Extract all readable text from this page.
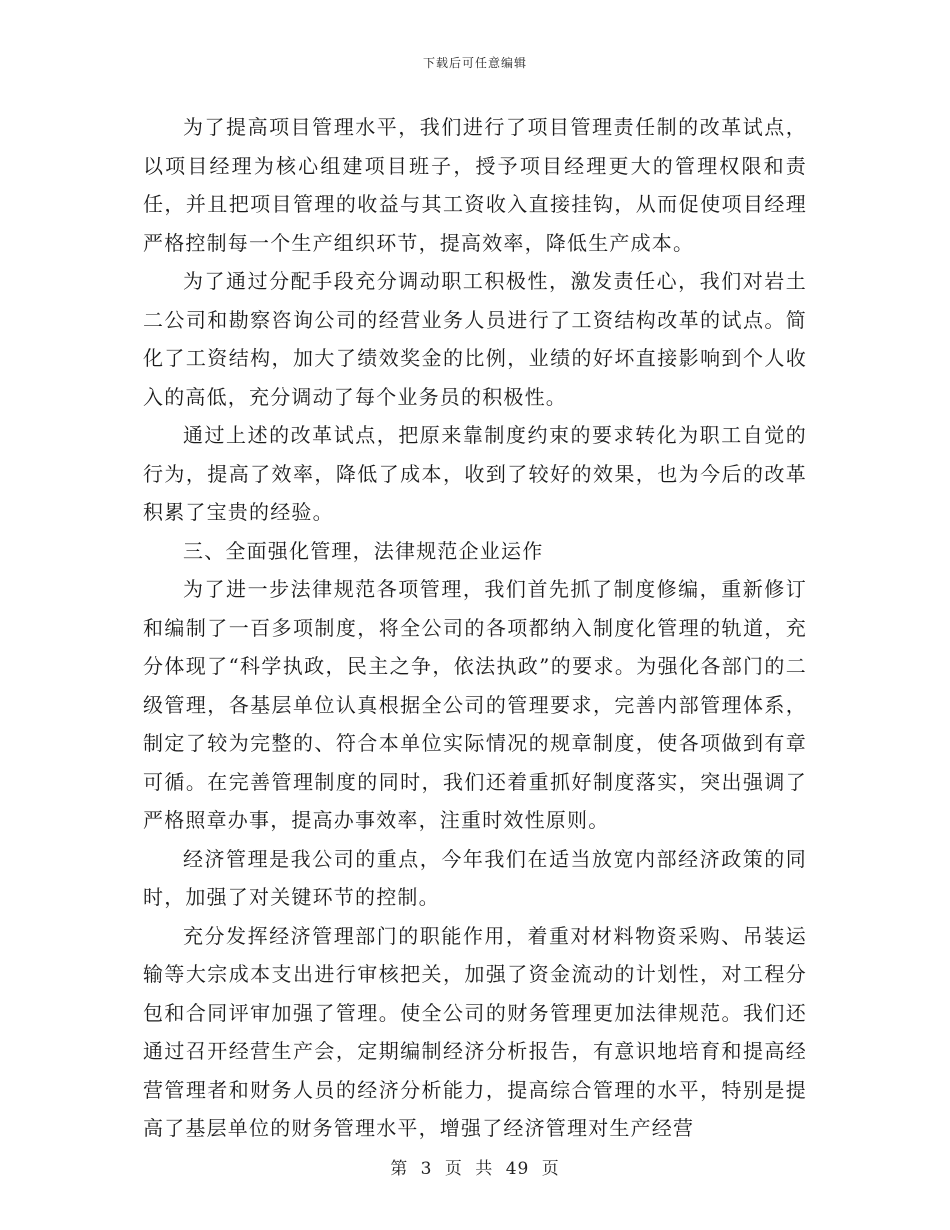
下载后可任意编辑

为了提高项目管理水平，我们进行了项目管理责任制的改革试点，以项目经理为核心组建项目班子，授予项目经理更大的管理权限和责任，并且把项目管理的收益与其工资收入直接挂钩，从而促使项目经理严格控制每一个生产组织环节，提高效率，降低生产成本。

为了通过分配手段充分调动职工积极性，激发责任心，我们对岩土二公司和勘察咨询公司的经营业务人员进行了工资结构改革的试点。简化了工资结构，加大了绩效奖金的比例，业绩的好坏直接影响到个人收入的高低，充分调动了每个业务员的积极性。

通过上述的改革试点，把原来靠制度约束的要求转化为职工自觉的行为，提高了效率，降低了成本，收到了较好的效果，也为今后的改革积累了宝贵的经验。

三、全面强化管理，法律规范企业运作

为了进一步法律规范各项管理，我们首先抓了制度修编，重新修订和编制了一百多项制度，将全公司的各项都纳入制度化管理的轨道，充分体现了“科学执政，民主之争，依法执政”的要求。为强化各部门的二级管理，各基层单位认真根据全公司的管理要求，完善内部管理体系，制定了较为完整的、符合本单位实际情况的规章制度，使各项做到有章可循。在完善管理制度的同时，我们还着重抓好制度落实，突出强调了严格照章办事，提高办事效率，注重时效性原则。

经济管理是我公司的重点，今年我们在适当放宽内部经济政策的同时，加强了对关键环节的控制。

充分发挥经济管理部门的职能作用，着重对材料物资采购、吊装运输等大宗成本支出进行审核把关，加强了资金流动的计划性，对工程分包和合同评审加强了管理。使全公司的财务管理更加法律规范。我们还通过召开经营生产会，定期编制经济分析报告，有意识地培育和提高经营管理者和财务人员的经济分析能力，提高综合管理的水平，特别是提高了基层单位的财务管理水平，增强了经济管理对生产经营

第 3 页 共 49 页
